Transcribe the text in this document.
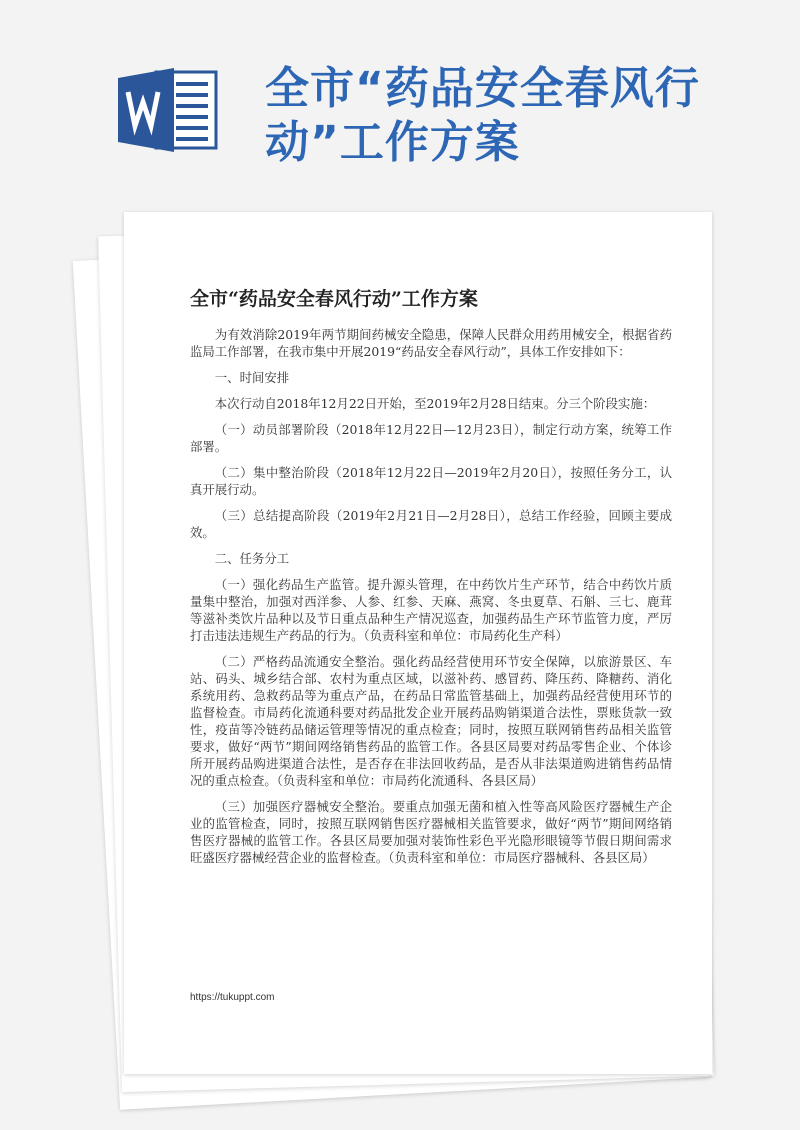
全市“药品安全春风行动”工作方案
全市“药品安全春风行动”工作方案

为有效消除2019年两节期间药械安全隐患，保障人民群众用药用械安全，根据省药监局工作部署，在我市集中开展2019“药品安全春风行动”，具体工作安排如下：

一、时间安排

本次行动自2018年12月22日开始，至2019年2月28日结束。分三个阶段实施：

（一）动员部署阶段（2018年12月22日—12月23日），制定行动方案，统筹工作部署。

（二）集中整治阶段（2018年12月22日—2019年2月20日），按照任务分工，认真开展行动。

（三）总结提高阶段（2019年2月21日—2月28日），总结工作经验，回顾主要成效。

二、任务分工

（一）强化药品生产监管。提升源头管理，在中药饮片生产环节，结合中药饮片质量集中整治，加强对西洋参、人参、红参、天麻、燕窝、冬虫夏草、石斛、三七、鹿茸等滋补类饮片品种以及节日重点品种生产情况巡查，加强药品生产环节监管力度，严厉打击违法违规生产药品的行为。（负责科室和单位：市局药化生产科）

（二）严格药品流通安全整治。强化药品经营使用环节安全保障，以旅游景区、车站、码头、城乡结合部、农村为重点区域，以滋补药、感冒药、降压药、降糖药、消化系统用药、急救药品等为重点产品，在药品日常监管基础上，加强药品经营使用环节的监督检查。市局药化流通科要对药品批发企业开展药品购销渠道合法性，票账货款一致性，疫苗等冷链药品储运管理等情况的重点检查；同时，按照互联网销售药品相关监管要求，做好“两节”期间网络销售药品的监管工作。各县区局要对药品零售企业、个体诊所开展药品购进渠道合法性，是否存在非法回收药品，是否从非法渠道购进销售药品情况的重点检查。（负责科室和单位：市局药化流通科、各县区局）

（三）加强医疗器械安全整治。要重点加强无菌和植入性等高风险医疗器械生产企业的监管检查，同时，按照互联网销售医疗器械相关监管要求，做好“两节”期间网络销售医疗器械的监管工作。各县区局要加强对装饰性彩色平光隐形眼镜等节假日期间需求旺盛医疗器械经营企业的监督检查。（负责科室和单位：市局医疗器械科、各县区局）

https://tukuppt.com
